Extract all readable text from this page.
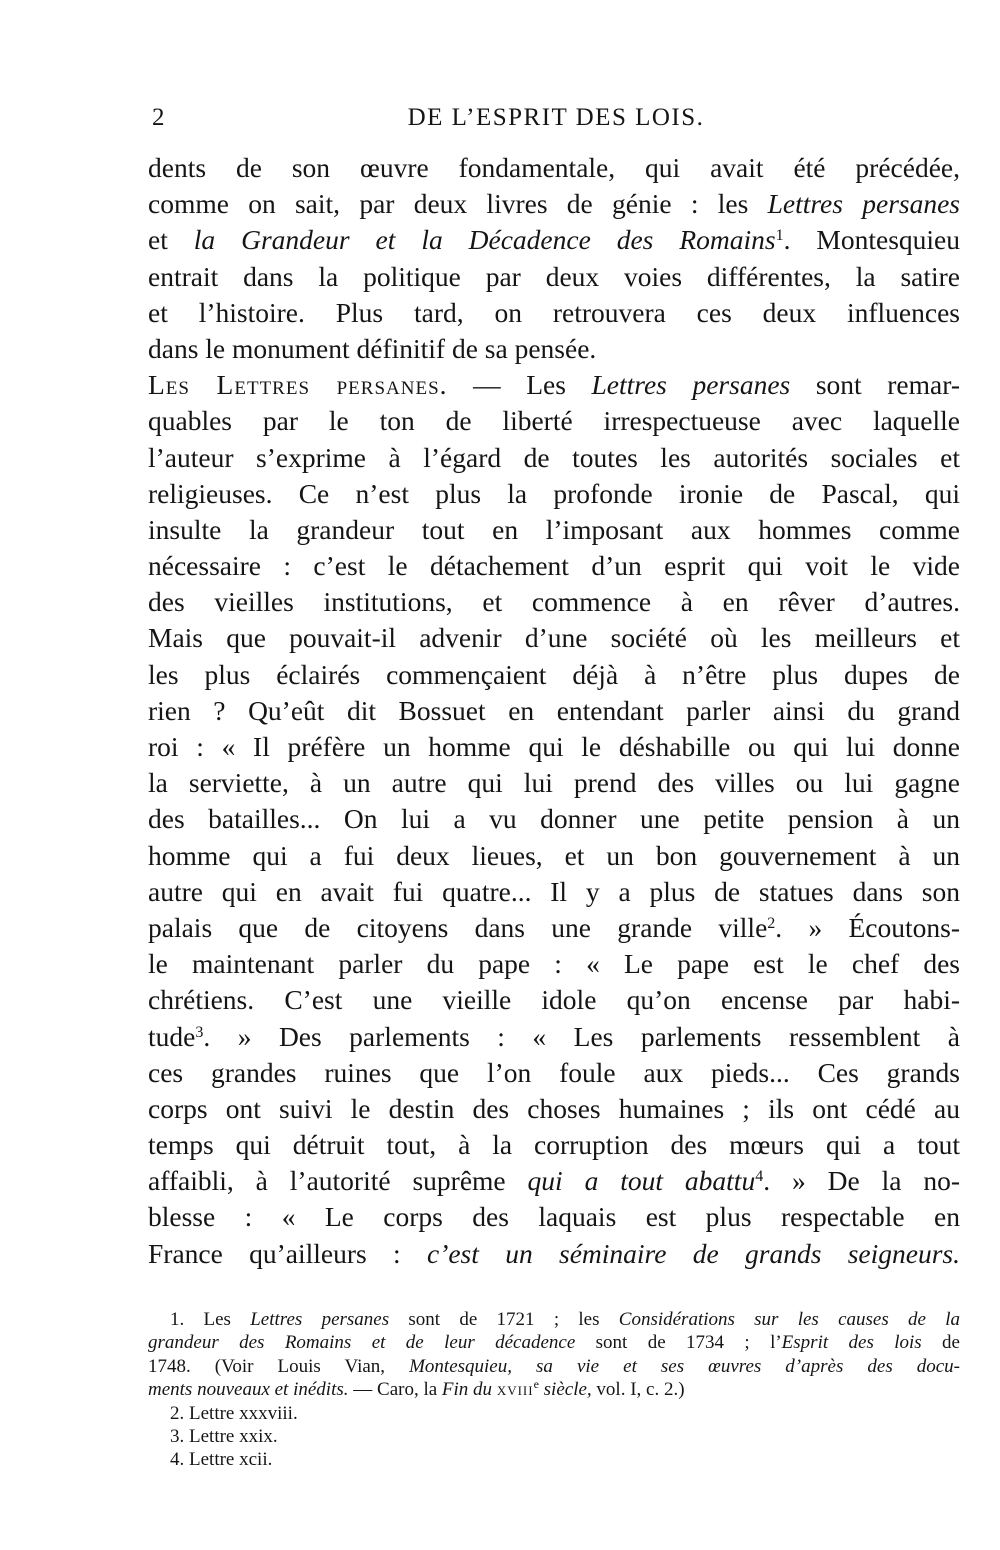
2	DE L’ESPRIT DES LOIS.
dents de son œuvre fondamentale, qui avait été précédée,
comme on sait, par deux livres de génie : les Lettres persanes
et la Grandeur et la Décadence des Romains$^1$. Montesquieu
entrait dans la politique par deux voies différentes, la satire
et l’histoire. Plus tard, on retrouvera ces deux influences
dans le monument définitif de sa pensée.
Les Lettres persanes. — Les Lettres persanes sont remar-
quables par le ton de liberté irrespectueuse avec laquelle
l’auteur s’exprime à l’égard de toutes les autorités sociales et
religieuses. Ce n’est plus la profonde ironie de Pascal, qui
insulte la grandeur tout en l’imposant aux hommes comme
nécessaire : c’est le détachement d’un esprit qui voit le vide
des vieilles institutions, et commence à en rêver d’autres.
Mais que pouvait-il advenir d’une société où les meilleurs et
les plus éclairés commençaient déjà à n’être plus dupes de
rien ? Qu’eût dit Bossuet en entendant parler ainsi du grand
roi : « Il préfère un homme qui le déshabille ou qui lui donne
la serviette, à un autre qui lui prend des villes ou lui gagne
des batailles... On lui a vu donner une petite pension à un
homme qui a fui deux lieues, et un bon gouvernement à un
autre qui en avait fui quatre... Il y a plus de statues dans son
palais que de citoyens dans une grande ville$^2$. » Écoutons-
le maintenant parler du pape : « Le pape est le chef des
chrétiens. C’est une vieille idole qu’on encense par habi-
tude$^3$. » Des parlements : « Les parlements ressemblent à
ces grandes ruines que l’on foule aux pieds... Ces grands
corps ont suivi le destin des choses humaines ; ils ont cédé au
temps qui détruit tout, à la corruption des mœurs qui a tout
affaibli, à l’autorité suprême qui a tout abattu$^4$. » De la no-
blesse : « Le corps des laquais est plus respectable en
France qu’ailleurs : c’est un séminaire de grands seigneurs.
1. Les Lettres persanes sont de 1721 ; les Considérations sur les causes de la
grandeur des Romains et de leur décadence sont de 1734 ; l’Esprit des lois de
1748. (Voir Louis Vian, Montesquieu, sa vie et ses œuvres d’après des docu-
ments nouveaux et inédits. — Caro, la Fin du xviii$^e$ siècle, vol. I, c. 2.)
2. Lettre xxxviii.
3. Lettre xxix.
4. Lettre xcii.
